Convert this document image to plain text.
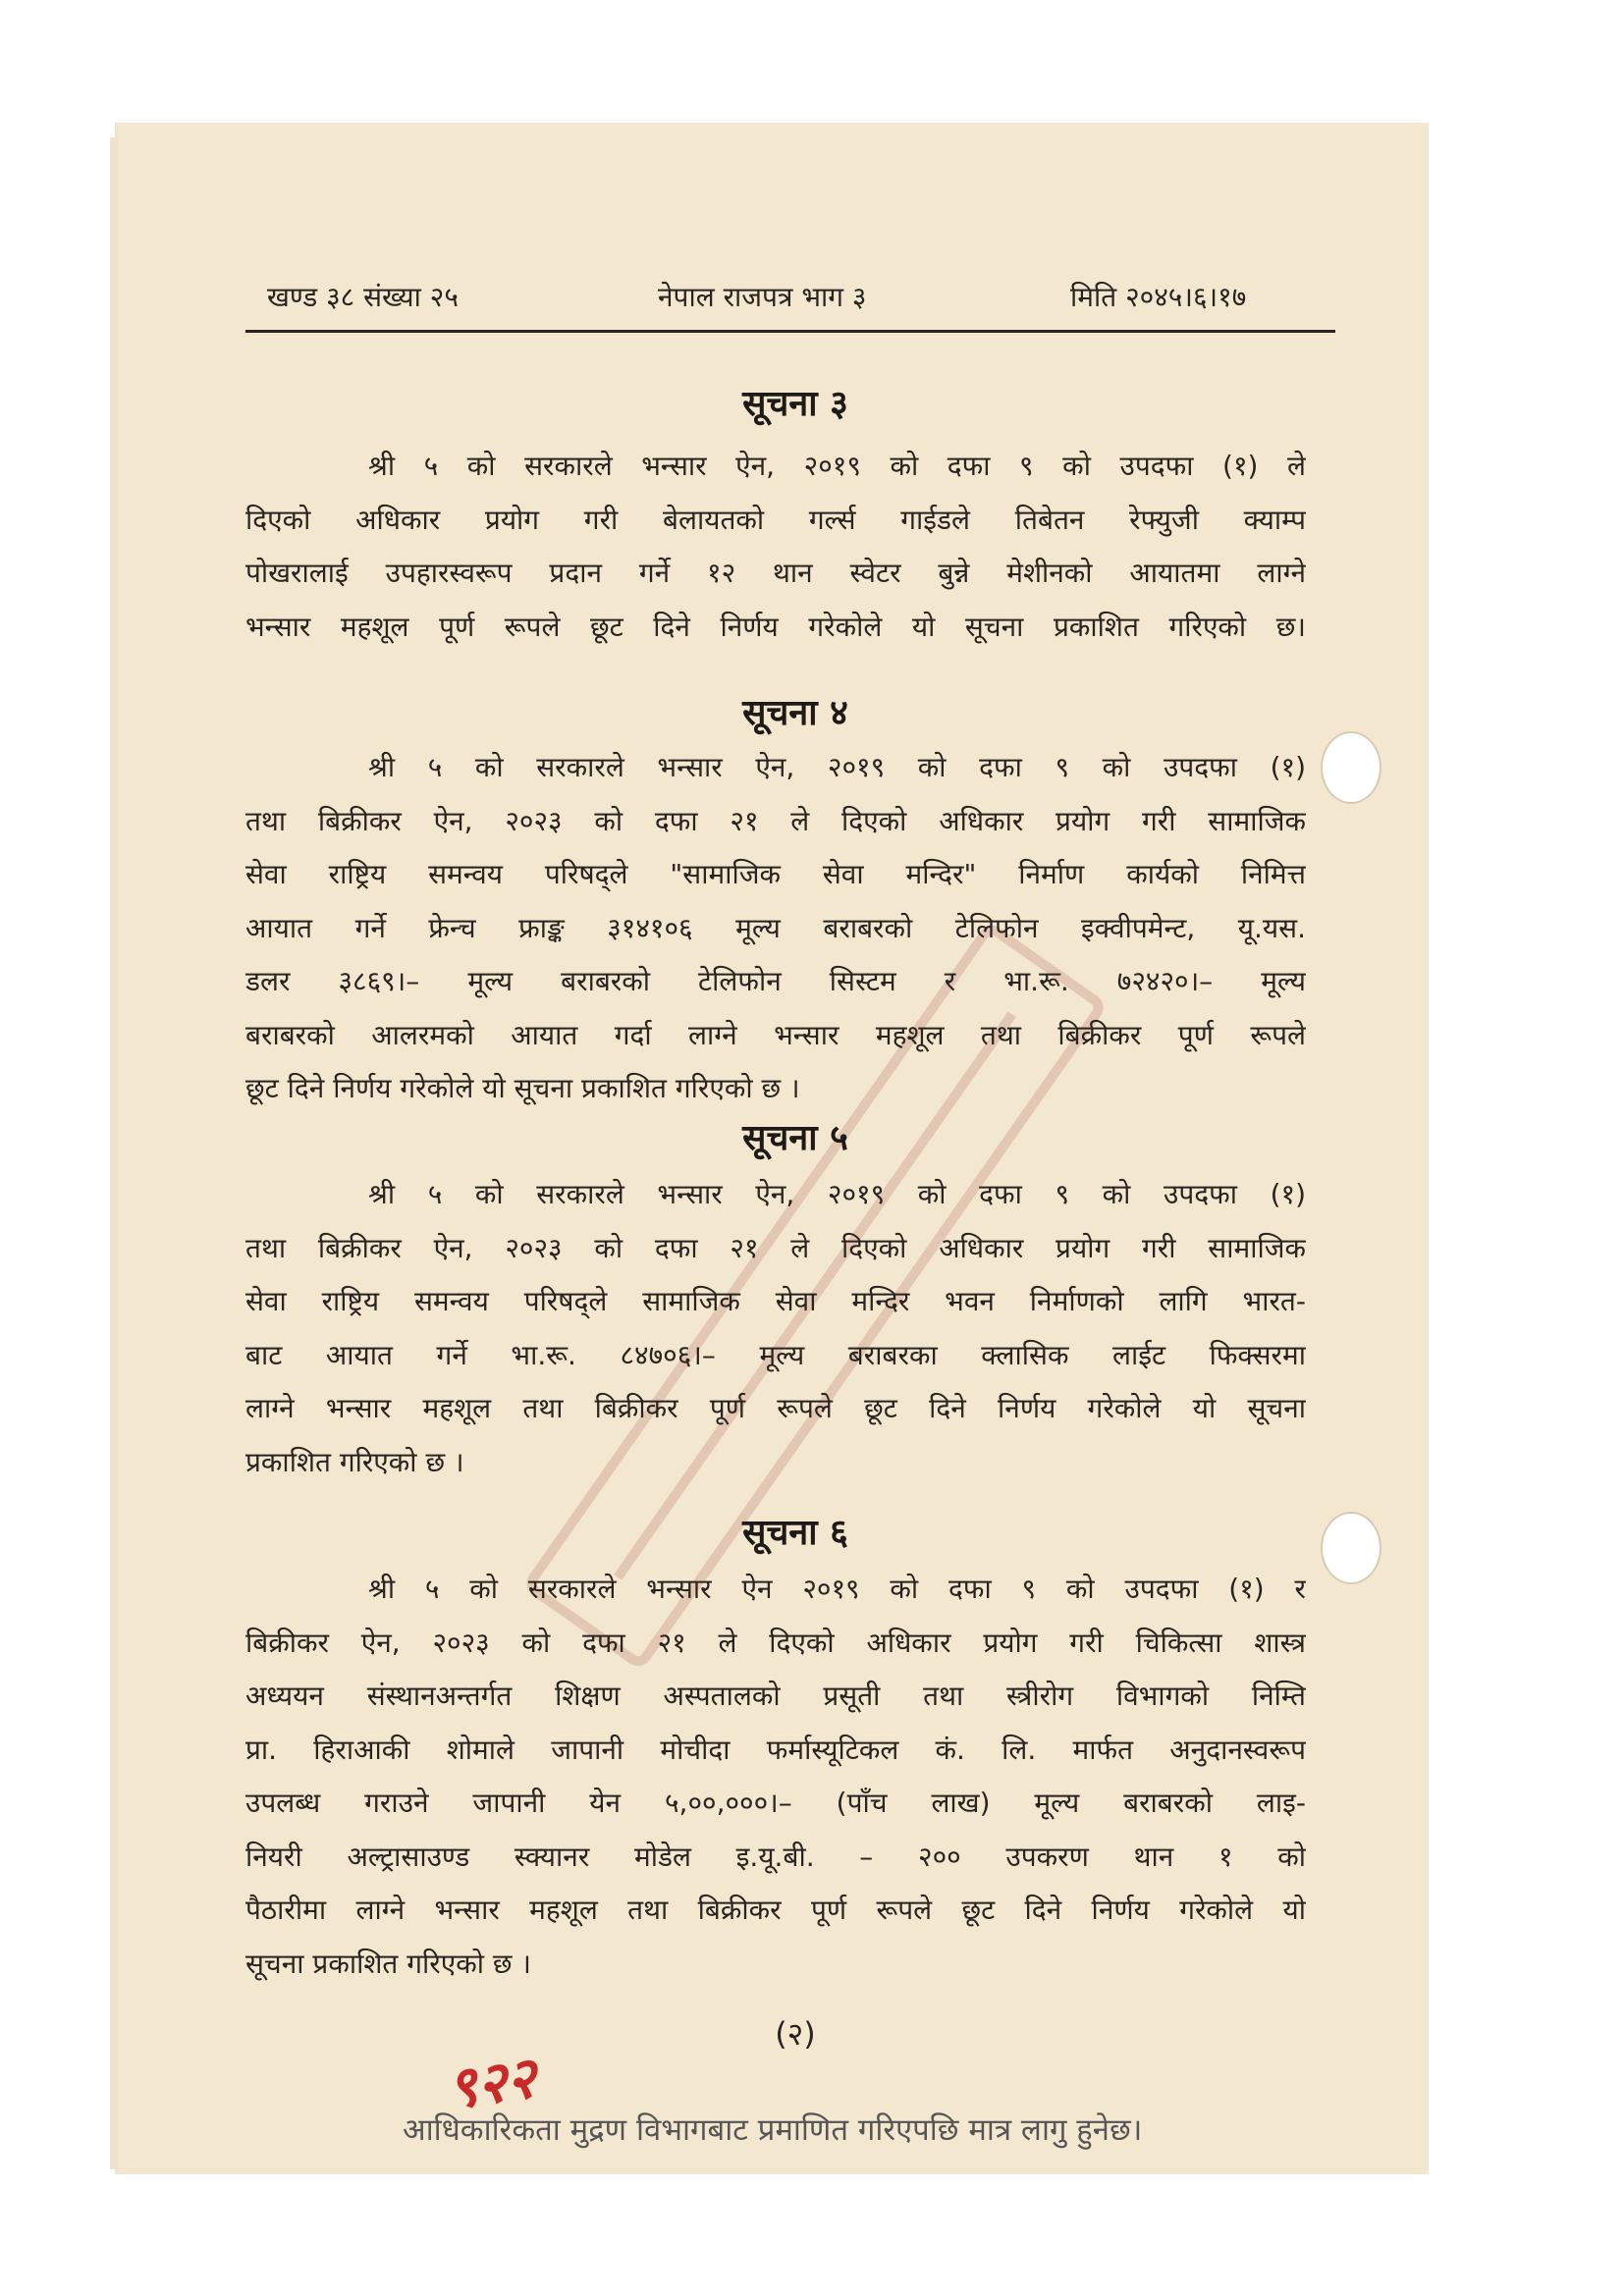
खण्ड ३८ संख्या २५	नेपाल राजपत्र भाग ३	मिति २०४५।६।१७
सूचना ३
श्री ५ को सरकारले भन्सार ऐन, २०१९ को दफा ९ को उपदफा (१) ले
दिएको अधिकार प्रयोग गरी बेलायतको गर्ल्स गाईडले तिबेतन रेफ्युजी क्याम्प
पोखरालाई उपहारस्वरूप प्रदान गर्ने १२ थान स्वेटर बुन्ने मेशीनको आयातमा लाग्ने
भन्सार महशूल पूर्ण रूपले छूट दिने निर्णय गरेकोले यो सूचना प्रकाशित गरिएको छ।
सूचना ४
श्री ५ को सरकारले भन्सार ऐन, २०१९ को दफा ९ को उपदफा (१)
तथा बिक्रीकर ऐन, २०२३ को दफा २१ ले दिएको अधिकार प्रयोग गरी सामाजिक
सेवा राष्ट्रिय समन्वय परिषद्ले "सामाजिक सेवा मन्दिर" निर्माण कार्यको निमित्त
आयात गर्ने फ्रेन्च फ्राङ्क ३१४१०६ मूल्य बराबरको टेलिफोन इक्वीपमेन्ट, यू.यस.
डलर ३८६९।– मूल्य बराबरको टेलिफोन सिस्टम र भा.रू. ७२४२०।– मूल्य
बराबरको आलरमको आयात गर्दा लाग्ने भन्सार महशूल तथा बिक्रीकर पूर्ण रूपले
छूट दिने निर्णय गरेकोले यो सूचना प्रकाशित गरिएको छ ।
सूचना ५
श्री ५ को सरकारले भन्सार ऐन, २०१९ को दफा ९ को उपदफा (१)
तथा बिक्रीकर ऐन, २०२३ को दफा २१ ले दिएको अधिकार प्रयोग गरी सामाजिक
सेवा राष्ट्रिय समन्वय परिषद्ले सामाजिक सेवा मन्दिर भवन निर्माणको लागि भारत-
बाट आयात गर्ने भा.रू. ८४७०६।– मूल्य बराबरका क्लासिक लाईट फिक्सरमा
लाग्ने भन्सार महशूल तथा बिक्रीकर पूर्ण रूपले छूट दिने निर्णय गरेकोले यो सूचना
प्रकाशित गरिएको छ ।
सूचना ६
श्री ५ को सरकारले भन्सार ऐन २०१९ को दफा ९ को उपदफा (१) र
बिक्रीकर ऐन, २०२३ को दफा २१ ले दिएको अधिकार प्रयोग गरी चिकित्सा शास्त्र
अध्ययन संस्थानअन्तर्गत शिक्षण अस्पतालको प्रसूती तथा स्त्रीरोग विभागको निम्ति
प्रा. हिराआकी शोमाले जापानी मोचीदा फर्मास्यूटिकल कं. लि. मार्फत अनुदानस्वरूप
उपलब्ध गराउने जापानी येन ५,००,०००।– (पाँच लाख) मूल्य बराबरको लाइ-
नियरी अल्ट्रासाउण्ड स्क्यानर मोडेल इ.यू.बी. – २०० उपकरण थान १ को
पैठारीमा लाग्ने भन्सार महशूल तथा बिक्रीकर पूर्ण रूपले छूट दिने निर्णय गरेकोले यो
सूचना प्रकाशित गरिएको छ ।
(२)
९२२
आधिकारिकता मुद्रण विभागबाट प्रमाणित गरिएपछि मात्र लागु हुनेछ।
